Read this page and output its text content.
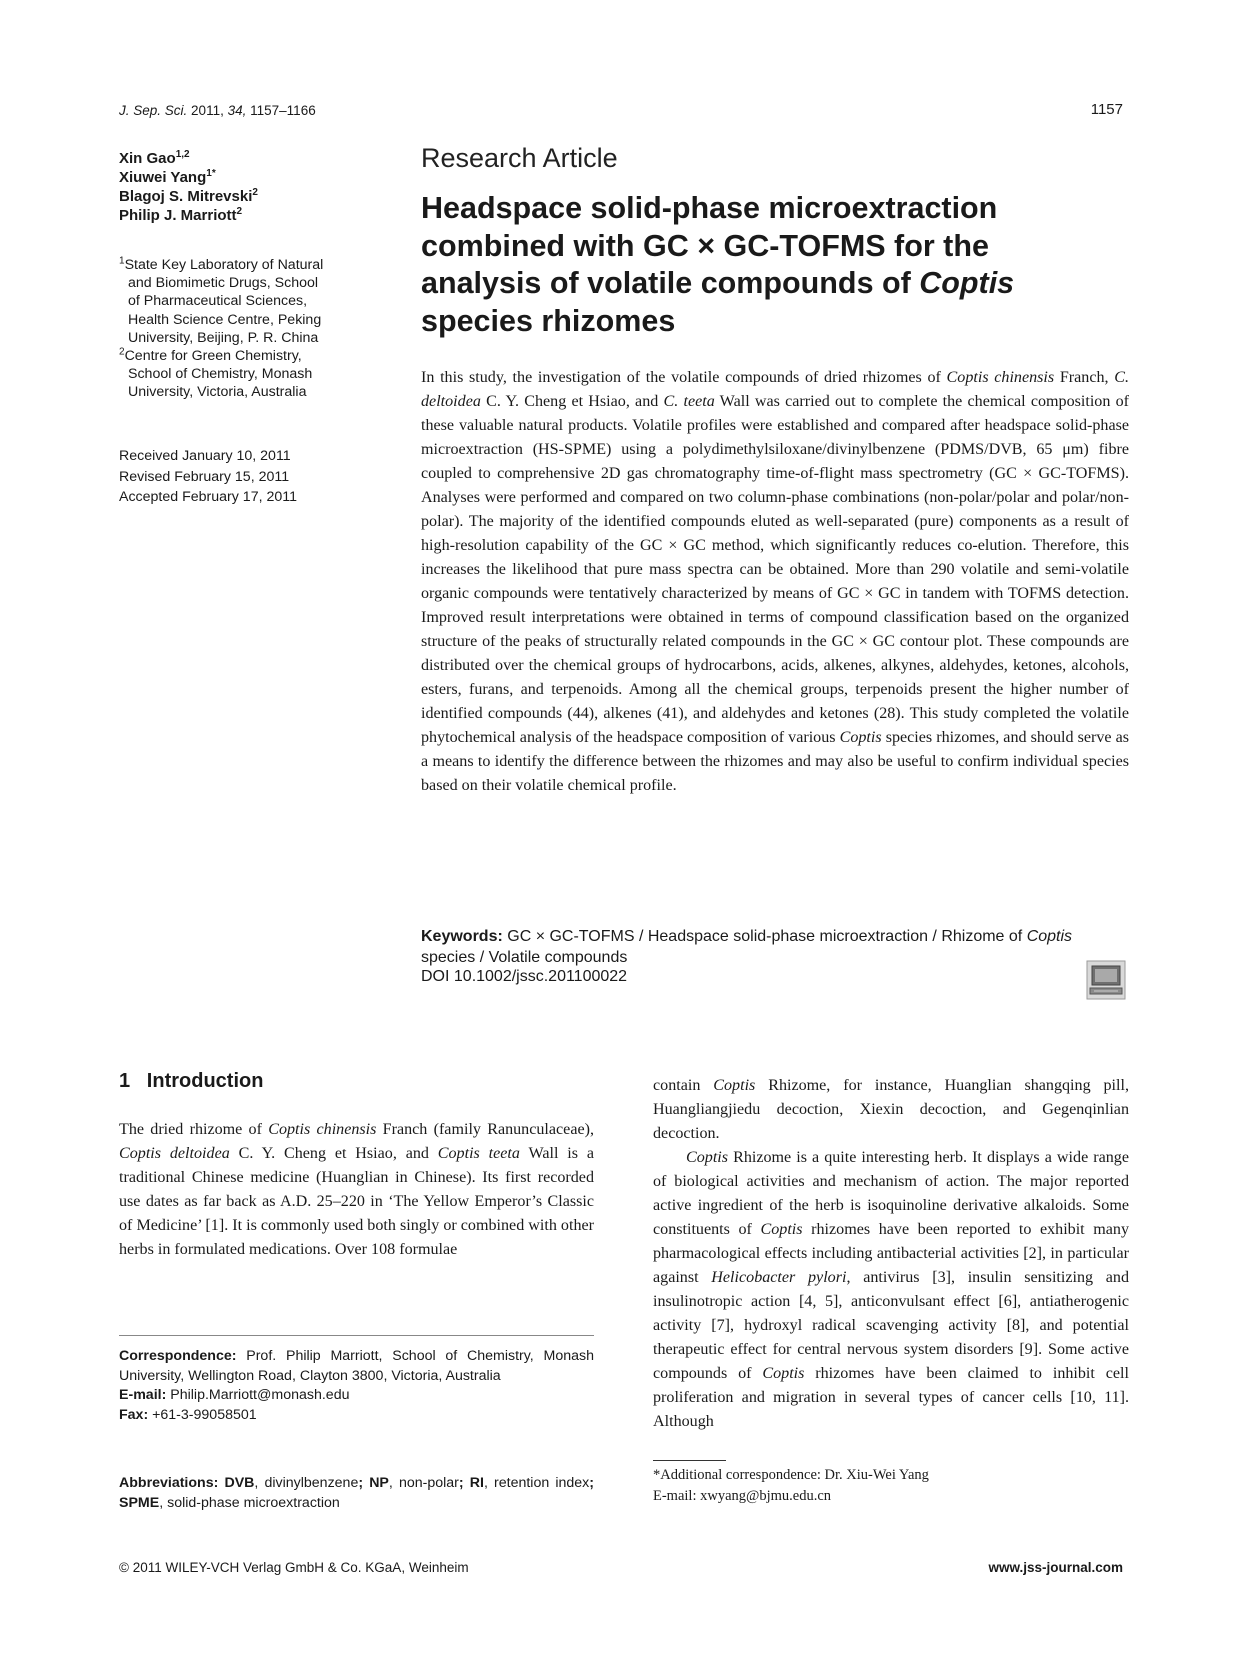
J. Sep. Sci. 2011, 34, 1157–1166	1157
Xin Gao$^{1,2}$
Xiuwei Yang$^{1*}$
Blagoj S. Mitrevski$^2$
Philip J. Marriott$^2$
$^1$State Key Laboratory of Natural
and Biomimetic Drugs, School
of Pharmaceutical Sciences,
Health Science Centre, Peking
University, Beijing, P. R. China
$^2$Centre for Green Chemistry,
School of Chemistry, Monash
University, Victoria, Australia
Received January 10, 2011
Revised February 15, 2011
Accepted February 17, 2011
Research Article
Headspace solid-phase microextraction
combined with GC × GC-TOFMS for the
analysis of volatile compounds of Coptis
species rhizomes
In this study, the investigation of the volatile compounds of dried rhizomes of Coptis chinensis Franch, C. deltoidea C. Y. Cheng et Hsiao, and C. teeta Wall was carried out to complete the chemical composition of these valuable natural products. Volatile profiles were established and compared after headspace solid-phase microextraction (HS-SPME) using a polydimethylsiloxane/divinylbenzene (PDMS/DVB, 65 μm) fibre coupled to comprehensive 2D gas chromatography time-of-flight mass spectrometry (GC × GC-TOFMS). Analyses were performed and compared on two column-phase combinations (non-polar/polar and polar/non-polar). The majority of the identified compounds eluted as well-separated (pure) components as a result of high-resolution capability of the GC × GC method, which significantly reduces co-elution. Therefore, this increases the likelihood that pure mass spectra can be obtained. More than 290 volatile and semi-volatile organic compounds were tentatively characterized by means of GC × GC in tandem with TOFMS detection. Improved result interpretations were obtained in terms of compound classification based on the organized structure of the peaks of structurally related compounds in the GC × GC contour plot. These compounds are distributed over the chemical groups of hydrocarbons, acids, alkenes, alkynes, aldehydes, ketones, alcohols, esters, furans, and terpenoids. Among all the chemical groups, terpenoids present the higher number of identified compounds (44), alkenes (41), and aldehydes and ketones (28). This study completed the volatile phytochemical analysis of the headspace composition of various Coptis species rhizomes, and should serve as a means to identify the difference between the rhizomes and may also be useful to confirm individual species based on their volatile chemical profile.
Keywords: GC × GC-TOFMS / Headspace solid-phase microextraction / Rhizome of Coptis species / Volatile compounds
DOI 10.1002/jssc.201100022
1 Introduction
The dried rhizome of Coptis chinensis Franch (family Ranunculaceae), Coptis deltoidea C. Y. Cheng et Hsiao, and Coptis teeta Wall is a traditional Chinese medicine (Huanglian in Chinese). Its first recorded use dates as far back as A.D. 25–220 in ‘The Yellow Emperor’s Classic of Medicine’ [1]. It is commonly used both singly or combined with other herbs in formulated medications. Over 108 formulae

contain Coptis Rhizome, for instance, Huanglian shangqing pill, Huangliangjiedu decoction, Xiexin decoction, and Gegenqinlian decoction.

Coptis Rhizome is a quite interesting herb. It displays a wide range of biological activities and mechanism of action. The major reported active ingredient of the herb is isoquinoline derivative alkaloids. Some constituents of Coptis rhizomes have been reported to exhibit many pharmacological effects including antibacterial activities [2], in particular against Helicobacter pylori, antivirus [3], insulin sensitizing and insulinotropic action [4, 5], anticonvulsant effect [6], antiatherogenic activity [7], hydroxyl radical scavenging activity [8], and potential therapeutic effect for central nervous system disorders [9]. Some active compounds of Coptis rhizomes have been claimed to inhibit cell proliferation and migration in several types of cancer cells [10, 11]. Although

Correspondence: Prof. Philip Marriott, School of Chemistry, Monash University, Wellington Road, Clayton 3800, Victoria, Australia
E-mail: Philip.Marriott@monash.edu
Fax: +61-3-99058501
Abbreviations: DVB, divinylbenzene; NP, non-polar; RI, retention index; SPME, solid-phase microextraction
*Additional correspondence: Dr. Xiu-Wei Yang
E-mail: xwyang@bjmu.edu.cn
© 2011 WILEY-VCH Verlag GmbH & Co. KGaA, Weinheim	www.jss-journal.com
